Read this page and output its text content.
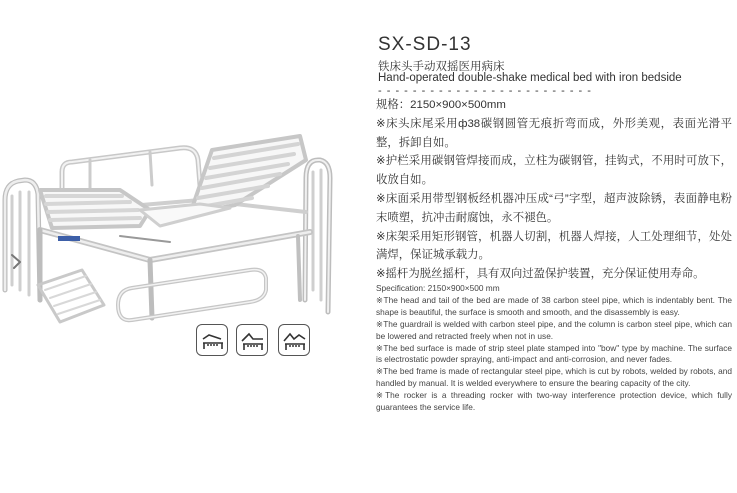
SX-SD-13
铁床头手动双摇医用病床
Hand-operated double-shake medical bed with iron bedside
- - - - - - - - - - - - - - - - - - - - - - - - -

规格：2150×900×500mm

※床头床尾采用ф38碳钢圆管无痕折弯而成，外形美观，表面光滑平整，拆卸自如。

※护栏采用碳钢管焊接而成，立柱为碳钢管，挂钩式，不用时可放下，收放自如。

※床面采用带型钢板经机器冲压成“弓”字型，超声波除锈，表面静电粉末喷塑，抗冲击耐腐蚀，永不褪色。

※床架采用矩形钢管，机器人切割，机器人焊接，人工处理细节，处处满焊，保证城承载力。

※摇杆为脱丝摇杆，具有双向过盈保护装置，充分保证使用寿命。

Specification: 2150×900×500 mm

※The head and tail of the bed are made of 38 carbon steel pipe, which is indentably bent. The shape is beautiful, the surface is smooth and smooth, and the disassembly is easy.

※The guardrail is welded with carbon steel pipe, and the column is carbon steel pipe, which can be lowered and retracted freely when not in use.

※The bed surface is made of strip steel plate stamped into "bow" type by machine. The surface is electrostatic powder spraying, anti-impact and anti-corrosion, and never fades.

※The bed frame is made of rectangular steel pipe, which is cut by robots, welded by robots, and handled by manual. It is welded everywhere to ensure the bearing capacity of the city.

※The rocker is a threading rocker with two-way interference protection device, which fully guarantees the service life.
